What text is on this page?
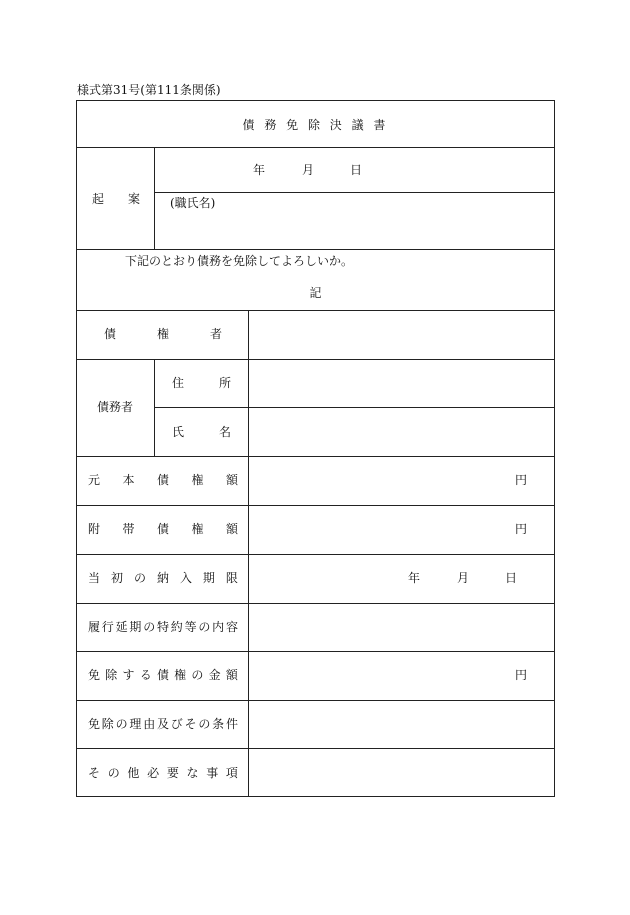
様式第31号(第111条関係)
債 務 免 除 決 議 書
起 案
年	月	日
(職氏名)
下記のとおり債務を免除してよろしいか。
記
債	権	者
債務者
住	所
氏	名
元 本 債 権 額	円
附 帯 債 権 額	円
当 初 の 納 入 期 限	年	月	日
履 行 延 期 の 特 約 等 の 内 容
免 除 す る 債 権 の 金 額	円
免 除 の 理 由 及 び そ の 条 件
そ の 他 必 要 な 事 項
